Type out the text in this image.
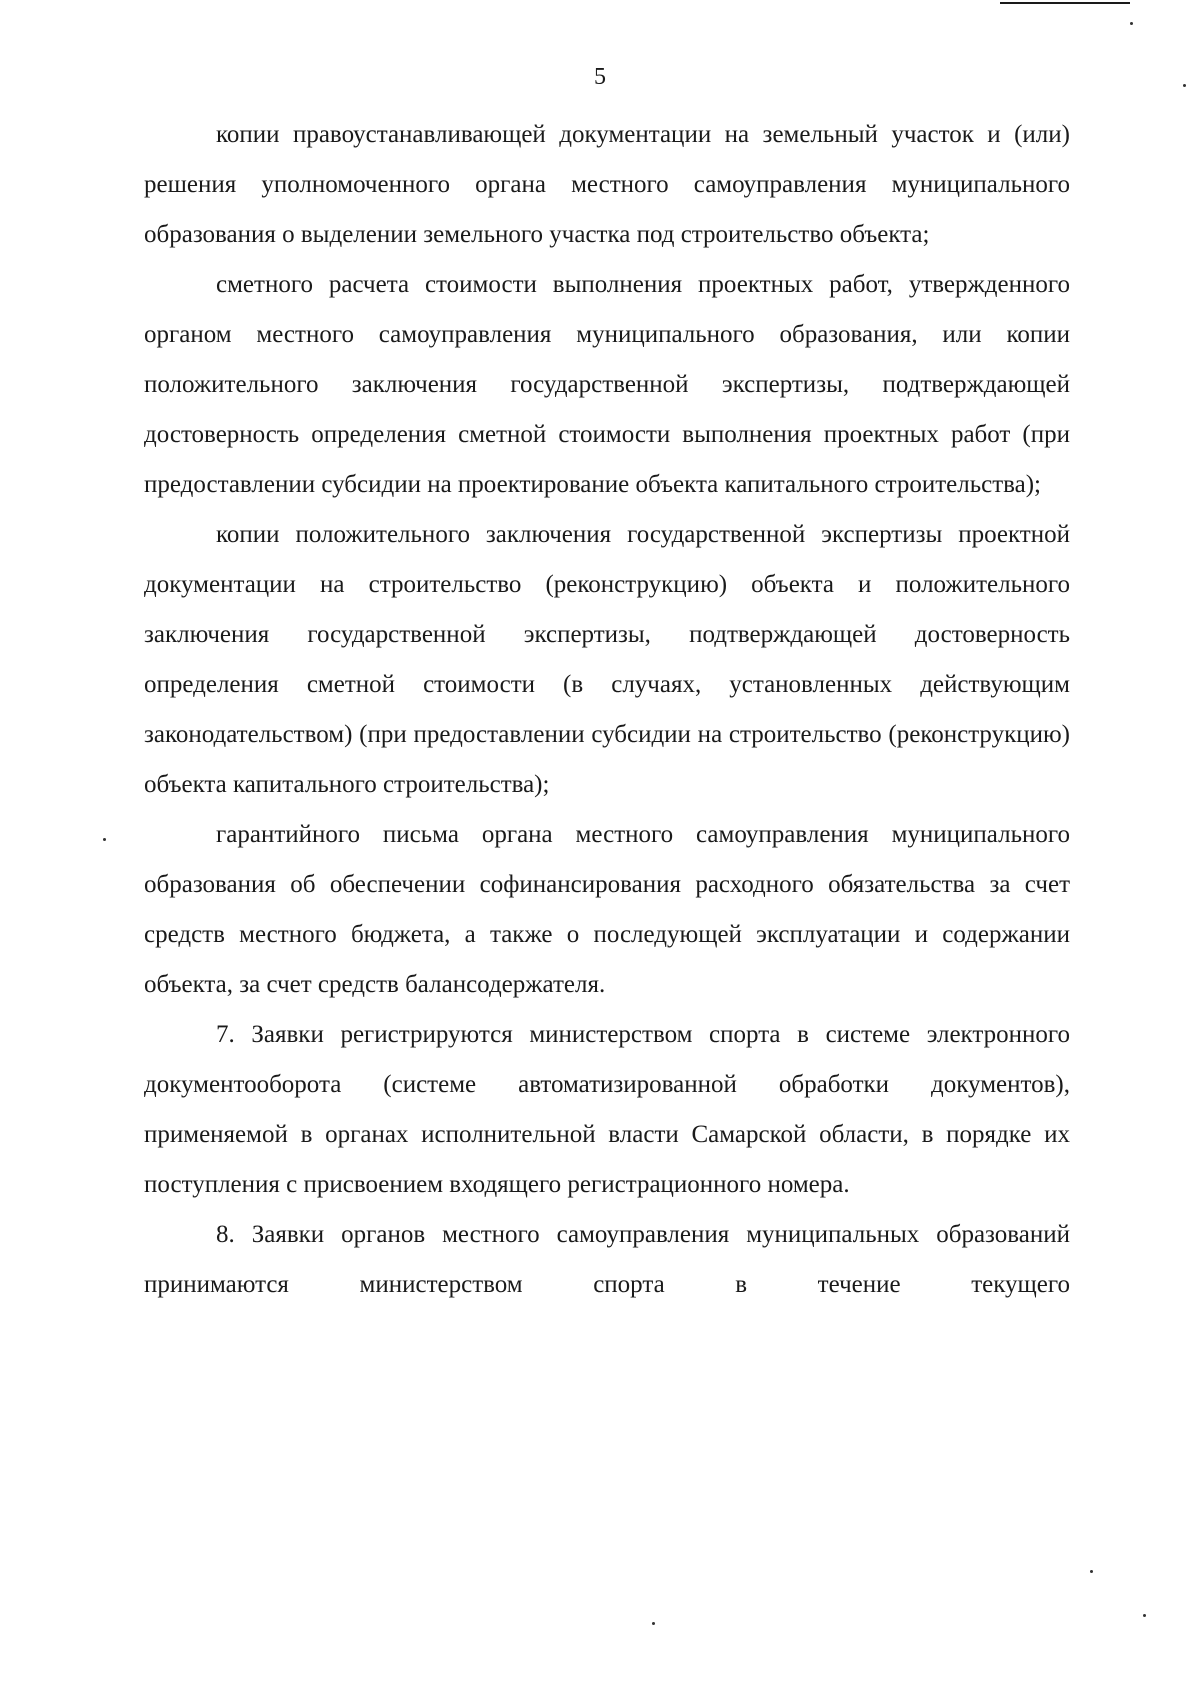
5

копии правоустанавливающей документации на земельный участок и (или) решения уполномоченного органа местного самоуправления муниципального образования о выделении земельного участка под строительство объекта;

сметного расчета стоимости выполнения проектных работ, утвержденного органом местного самоуправления муниципального образования, или копии положительного заключения государственной экспертизы, подтверждающей достоверность определения сметной стоимости выполнения проектных работ (при предоставлении субсидии на проектирование объекта капитального строительства);

копии положительного заключения государственной экспертизы проектной документации на строительство (реконструкцию) объекта и положительного заключения государственной экспертизы, подтверждающей достоверность определения сметной стоимости (в случаях, установленных действующим законодательством) (при предоставлении субсидии на строительство (реконструкцию) объекта капитального строительства);

гарантийного письма органа местного самоуправления муниципального образования об обеспечении софинансирования расходного обязательства за счет средств местного бюджета, а также о последующей эксплуатации и содержании объекта, за счет средств балансодержателя.

7. Заявки регистрируются министерством спорта в системе электронного документооборота (системе автоматизированной обработки документов), применяемой в органах исполнительной власти Самарской области, в порядке их поступления с присвоением входящего регистрационного номера.

8. Заявки органов местного самоуправления муниципальных образований принимаются министерством спорта в течение текущего
